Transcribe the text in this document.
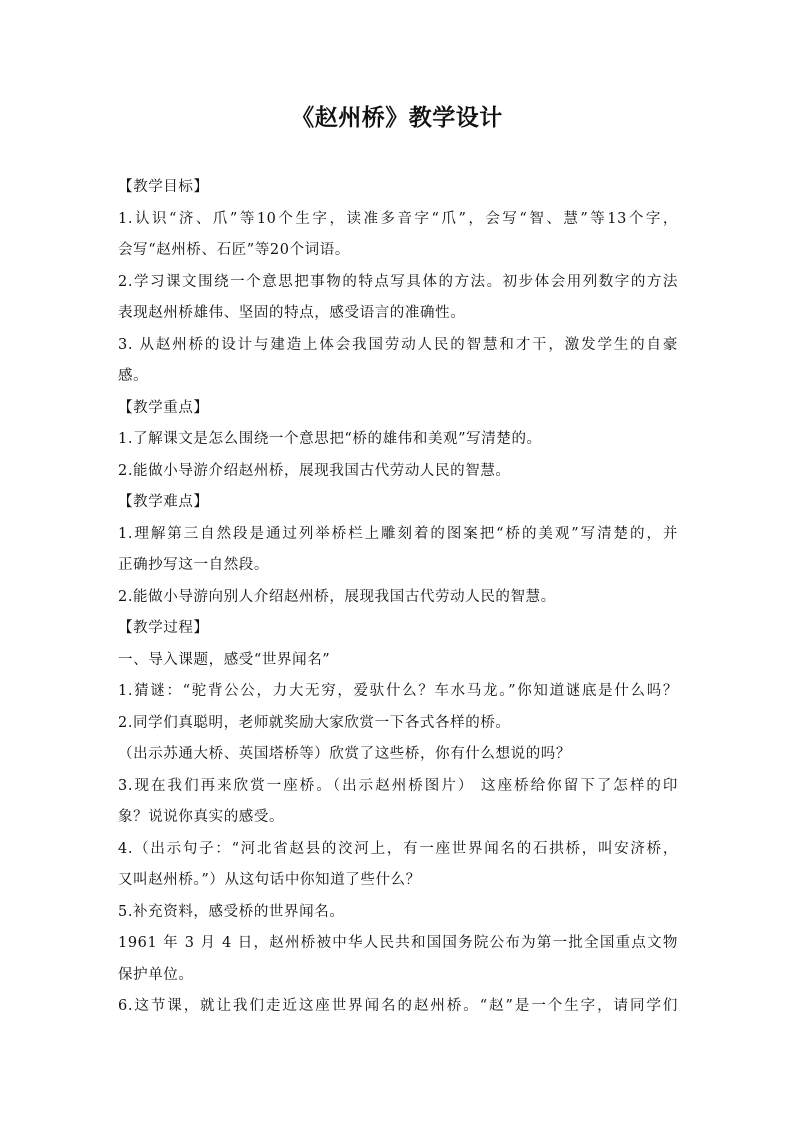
《赵州桥》教学设计
【教学目标】
1.认识“济、爪”等10个生字，读准多音字“爪”，会写“智、慧”等13个字，
会写“赵州桥、石匠”等20个词语。
2.学习课文围绕一个意思把事物的特点写具体的方法。初步体会用列数字的方法
表现赵州桥雄伟、坚固的特点，感受语言的准确性。
3. 从赵州桥的设计与建造上体会我国劳动人民的智慧和才干，激发学生的自豪
感。
【教学重点】
1.了解课文是怎么围绕一个意思把“桥的雄伟和美观”写清楚的。
2.能做小导游介绍赵州桥，展现我国古代劳动人民的智慧。
【教学难点】
1.理解第三自然段是通过列举桥栏上雕刻着的图案把“桥的美观”写清楚的，并
正确抄写这一自然段。
2.能做小导游向别人介绍赵州桥，展现我国古代劳动人民的智慧。
【教学过程】
一、导入课题，感受“世界闻名”
1.猜谜：“驼背公公，力大无穷，爱驮什么？车水马龙。”你知道谜底是什么吗？
2.同学们真聪明，老师就奖励大家欣赏一下各式各样的桥。
（出示苏通大桥、英国塔桥等）欣赏了这些桥，你有什么想说的吗？
3.现在我们再来欣赏一座桥。（出示赵州桥图片） 这座桥给你留下了怎样的印
象？说说你真实的感受。
4.（出示句子：“河北省赵县的洨河上，有一座世界闻名的石拱桥，叫安济桥，
又叫赵州桥。”）从这句话中你知道了些什么？
5.补充资料，感受桥的世界闻名。
1961 年 3 月 4 日，赵州桥被中华人民共和国国务院公布为第一批全国重点文物
保护单位。
6.这节课，就让我们走近这座世界闻名的赵州桥。“赵”是一个生字，请同学们
